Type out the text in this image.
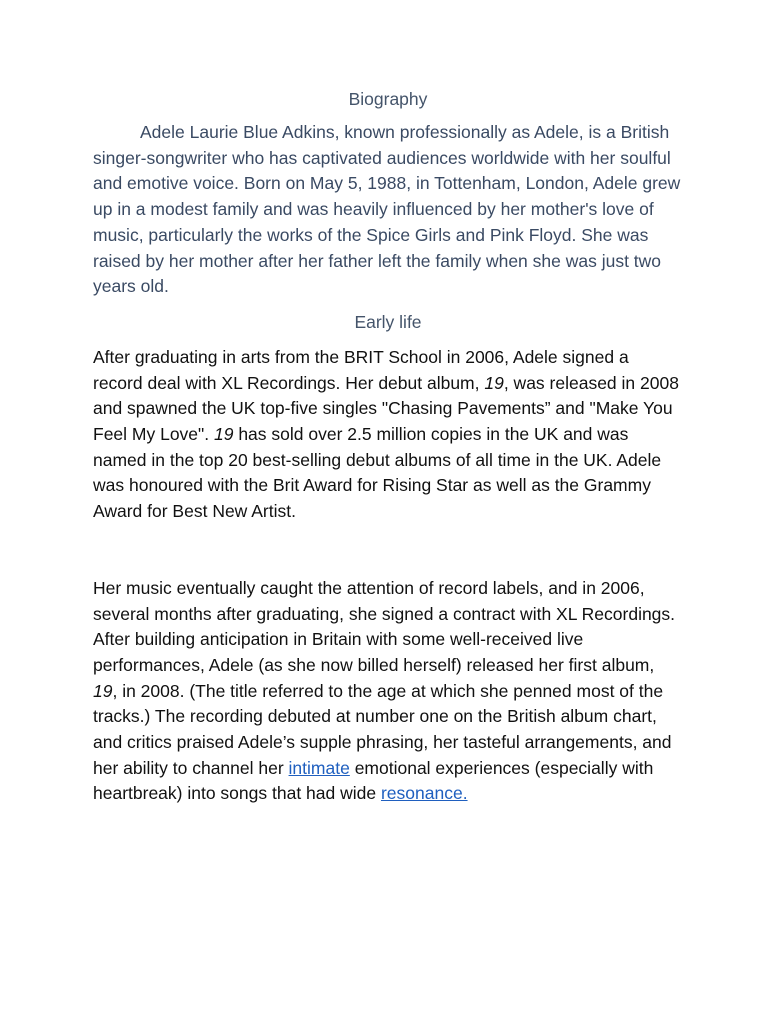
Biography

Adele Laurie Blue Adkins, known professionally as Adele, is a British singer-songwriter who has captivated audiences worldwide with her soulful and emotive voice. Born on May 5, 1988, in Tottenham, London, Adele grew up in a modest family and was heavily influenced by her mother's love of music, particularly the works of the Spice Girls and Pink Floyd. She was raised by her mother after her father left the family when she was just two years old.

Early life

After graduating in arts from the BRIT School in 2006, Adele signed a record deal with XL Recordings. Her debut album, 19, was released in 2008 and spawned the UK top-five singles "Chasing Pavements” and "Make You Feel My Love". 19 has sold over 2.5 million copies in the UK and was named in the top 20 best-selling debut albums of all time in the UK. Adele was honoured with the Brit Award for Rising Star as well as the Grammy Award for Best New Artist.

Her music eventually caught the attention of record labels, and in 2006, several months after graduating, she signed a contract with XL Recordings. After building anticipation in Britain with some well-received live performances, Adele (as she now billed herself) released her first album, 19, in 2008. (The title referred to the age at which she penned most of the tracks.) The recording debuted at number one on the British album chart, and critics praised Adele’s supple phrasing, her tasteful arrangements, and her ability to channel her intimate emotional experiences (especially with heartbreak) into songs that had wide resonance.
